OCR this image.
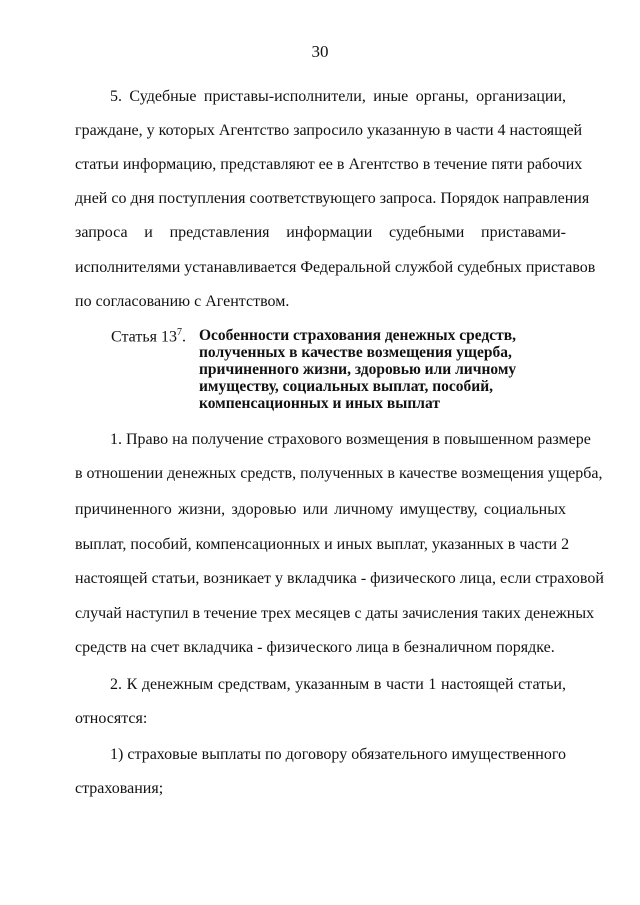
30
5. Судебные приставы-исполнители, иные органы, организации,
граждане, у которых Агентство запросило указанную в части 4 настоящей
статьи информацию, представляют ее в Агентство в течение пяти рабочих
дней со дня поступления соответствующего запроса. Порядок направления
запроса и представления информации судебными приставами-
исполнителями устанавливается Федеральной службой судебных приставов
по согласованию с Агентством.
Статья $13^7$. Особенности страхования денежных средств,
полученных в качестве возмещения ущерба,
причиненного жизни, здоровью или личному
имуществу, социальных выплат, пособий,
компенсационных и иных выплат
1. Право на получение страхового возмещения в повышенном размере
в отношении денежных средств, полученных в качестве возмещения ущерба,
причиненного жизни, здоровью или личному имуществу, социальных
выплат, пособий, компенсационных и иных выплат, указанных в части 2
настоящей статьи, возникает у вкладчика - физического лица, если страховой
случай наступил в течение трех месяцев с даты зачисления таких денежных
средств на счет вкладчика - физического лица в безналичном порядке.
2. К денежным средствам, указанным в части 1 настоящей статьи,
относятся:
1) страховые выплаты по договору обязательного имущественного
страхования;
